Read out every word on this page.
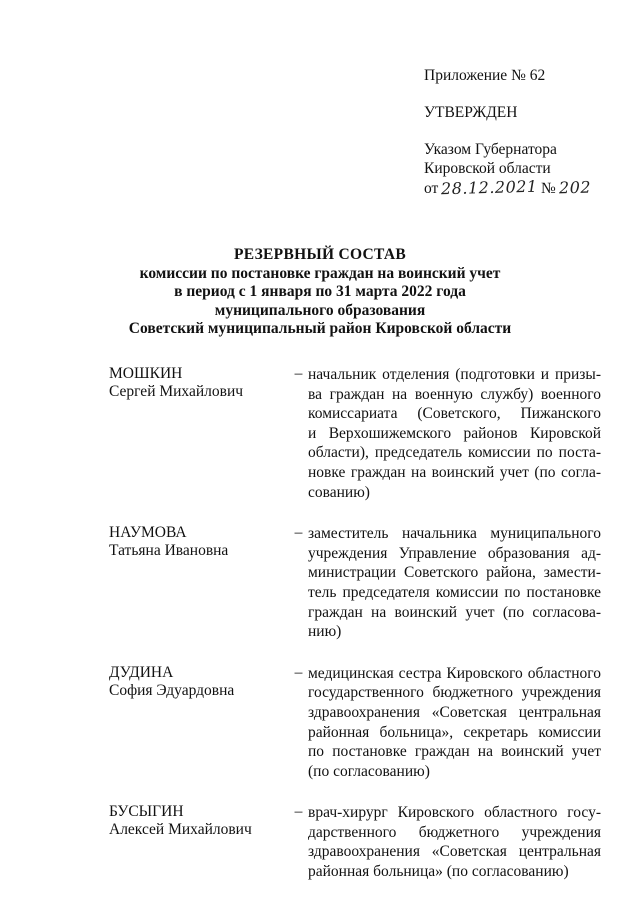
Приложение № 62

УТВЕРЖДЕН

Указом Губернатора

Кировской области

от 28.12.2021 № 202

РЕЗЕРВНЫЙ СОСТАВ

комиссии по постановке граждан на воинский учет

в период с 1 января по 31 марта 2022 года

муниципального образования

Советский муниципальный район Кировской области

МОШКИН
Сергей Михайлович
– начальник отделения (подготовки и призы-
ва граждан на военную службу) военного
комиссариата (Советского, Пижанского
и Верхошижемского районов Кировской
области), председатель комиссии по поста-
новке граждан на воинский учет (по согла-
сованию)
НАУМОВА
Татьяна Ивановна
– заместитель начальника муниципального
учреждения Управление образования ад-
министрации Советского района, замести-
тель председателя комиссии по постановке
граждан на воинский учет (по согласова-
нию)
ДУДИНА
София Эдуардовна
– медицинская сестра Кировского областного
государственного бюджетного учреждения
здравоохранения «Советская центральная
районная больница», секретарь комиссии
по постановке граждан на воинский учет
(по согласованию)
БУСЫГИН
Алексей Михайлович
– врач-хирург Кировского областного госу-
дарственного бюджетного учреждения
здравоохранения «Советская центральная
районная больница» (по согласованию)
